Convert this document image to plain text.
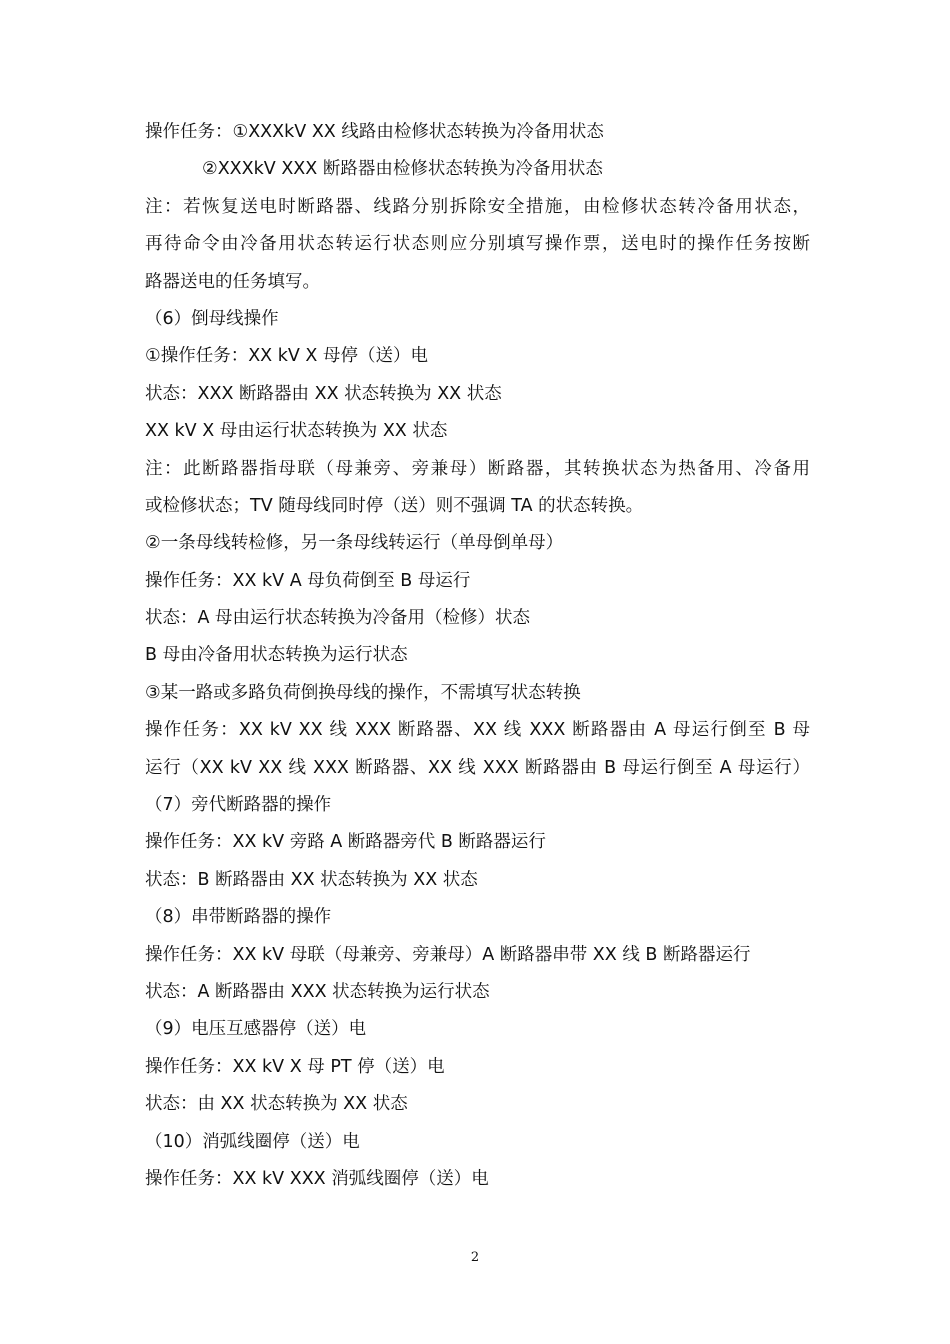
操作任务：①XXXkV XX 线路由检修状态转换为冷备用状态
②XXXkV XXX 断路器由检修状态转换为冷备用状态
注：若恢复送电时断路器、线路分别拆除安全措施，由检修状态转冷备用状态，
再待命令由冷备用状态转运行状态则应分别填写操作票，送电时的操作任务按断
路器送电的任务填写。
（6）倒母线操作
①操作任务：XX kV X 母停（送）电
状态：XXX 断路器由 XX 状态转换为 XX 状态
XX kV X 母由运行状态转换为 XX 状态
注：此断路器指母联（母兼旁、旁兼母）断路器，其转换状态为热备用、冷备用
或检修状态；TV 随母线同时停（送）则不强调 TA 的状态转换。
②一条母线转检修，另一条母线转运行（单母倒单母）
操作任务：XX kV A 母负荷倒至 B 母运行
状态：A 母由运行状态转换为冷备用（检修）状态
B 母由冷备用状态转换为运行状态
③某一路或多路负荷倒换母线的操作，不需填写状态转换
操作任务：XX kV XX 线 XXX 断路器、XX 线 XXX 断路器由 A 母运行倒至 B 母
运行（XX kV XX 线 XXX 断路器、XX 线 XXX 断路器由 B 母运行倒至 A 母运行）
（7）旁代断路器的操作
操作任务：XX kV 旁路 A 断路器旁代 B 断路器运行
状态：B 断路器由 XX 状态转换为 XX 状态
（8）串带断路器的操作
操作任务：XX kV 母联（母兼旁、旁兼母）A 断路器串带 XX 线 B 断路器运行
状态：A 断路器由 XXX 状态转换为运行状态
（9）电压互感器停（送）电
操作任务：XX kV X 母 PT 停（送）电
状态：由 XX 状态转换为 XX 状态
（10）消弧线圈停（送）电
操作任务：XX kV XXX 消弧线圈停（送）电
2
